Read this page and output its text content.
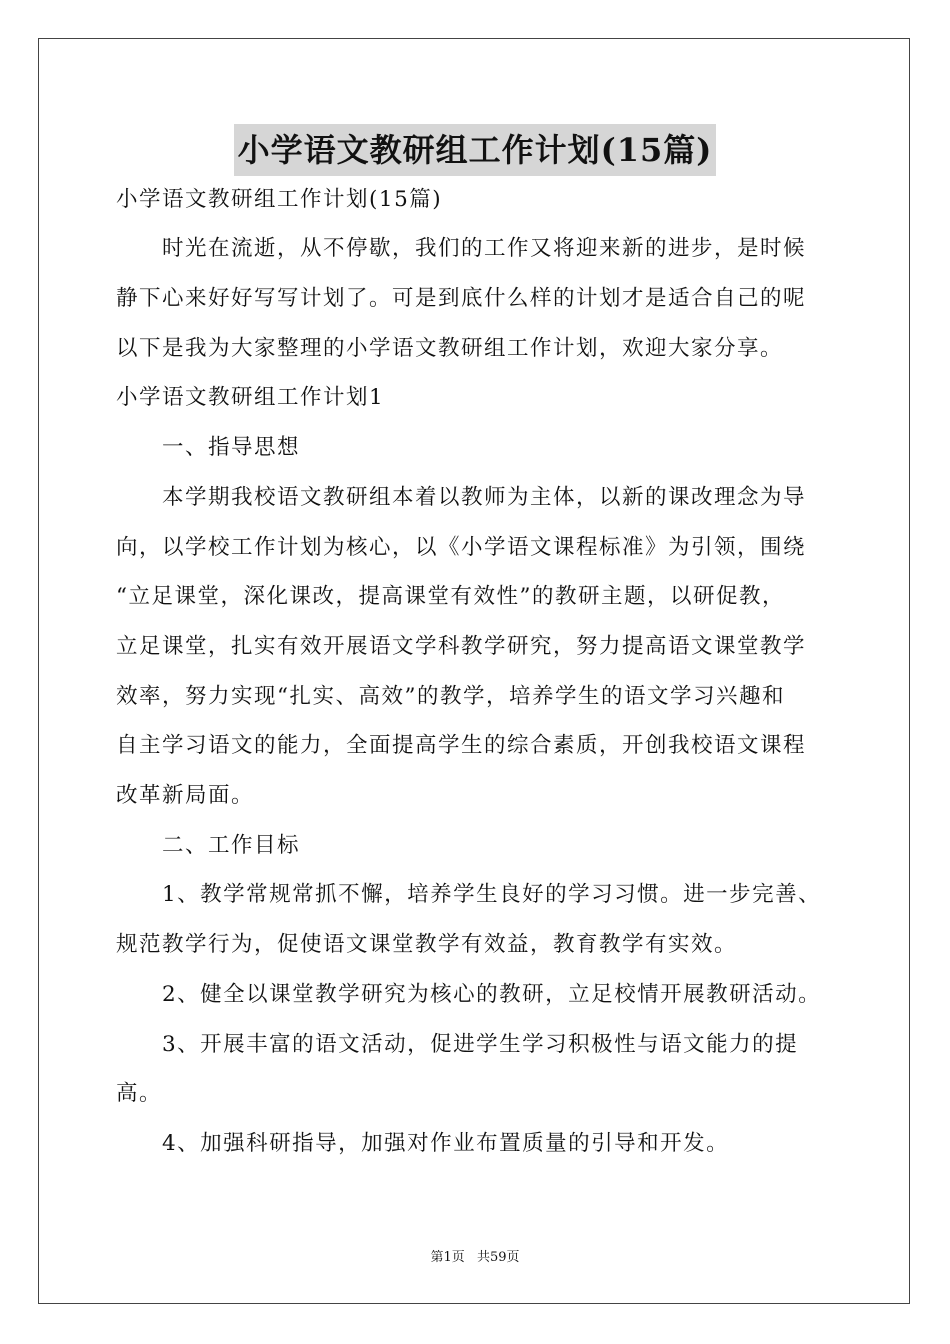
小学语文教研组工作计划(15篇)
小学语文教研组工作计划(15篇)
　　时光在流逝，从不停歇，我们的工作又将迎来新的进步，是时候
静下心来好好写写计划了。可是到底什么样的计划才是适合自己的呢
以下是我为大家整理的小学语文教研组工作计划，欢迎大家分享。
小学语文教研组工作计划1
　　一、指导思想
　　本学期我校语文教研组本着以教师为主体，以新的课改理念为导
向，以学校工作计划为核心，以《小学语文课程标准》为引领，围绕
“立足课堂，深化课改，提高课堂有效性”的教研主题，以研促教，
立足课堂，扎实有效开展语文学科教学研究，努力提高语文课堂教学
效率，努力实现“扎实、高效”的教学，培养学生的语文学习兴趣和
自主学习语文的能力，全面提高学生的综合素质，开创我校语文课程
改革新局面。
　　二、工作目标
　　1、教学常规常抓不懈，培养学生良好的学习习惯。进一步完善、
规范教学行为，促使语文课堂教学有效益，教育教学有实效。
　　2、健全以课堂教学研究为核心的教研，立足校情开展教研活动。
　　3、开展丰富的语文活动，促进学生学习积极性与语文能力的提
高。
　　4、加强科研指导，加强对作业布置质量的引导和开发。
第1页 共59页
